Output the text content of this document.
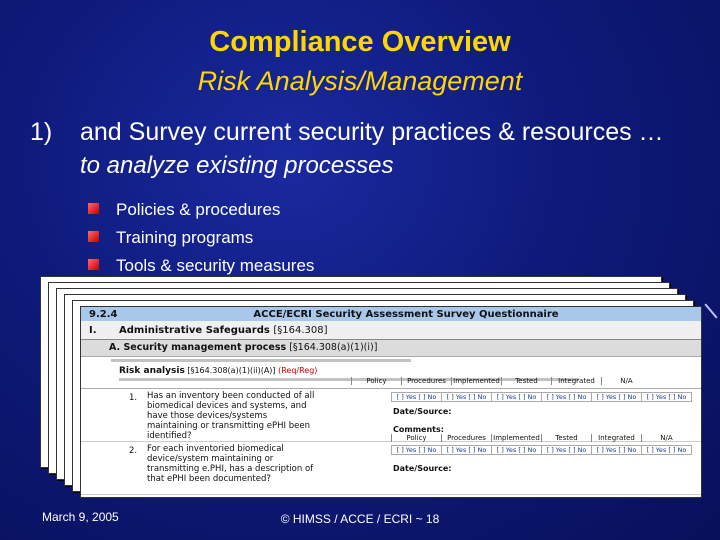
Compliance Overview
Risk Analysis/Management
1) and Survey current security practices & resources … to analyze existing processes
Policies & procedures
Training programs
Tools & security measures
9.2.4	ACCE/ECRI Security Assessment Survey Questionnaire
I.	Administrative Safeguards [§164.308]
A. Security management process [§164.308(a)(1)(i)]
Risk analysis [§164.308(a)(1)(ii)(A)] (Req/Reg)
Policy	Procedures	Implemented	Tested	Integrated	N/A
1. Has an inventory been conducted of all biomedical devices and systems, and have those devices/systems maintaining or transmitting ePHI been identified?
[ ] Yes [ ] No	[ ] Yes [ ] No	[ ] Yes [ ] No	[ ] Yes [ ] No	[ ] Yes [ ] No	[ ] Yes [ ] No
Date/Source:
Comments:
2. For each inventoried biomedical device/system maintaining or transmitting e.PHI, has a description of that ePHI been documented?
Policy	Procedures	Implemented	Tested	Integrated	N/A
[ ] Yes [ ] No	[ ] Yes [ ] No	[ ] Yes [ ] No	[ ] Yes [ ] No	[ ] Yes [ ] No	[ ] Yes [ ] No
Date/Source:
March 9, 2005	© HIMSS / ACCE / ECRI ~ 18
